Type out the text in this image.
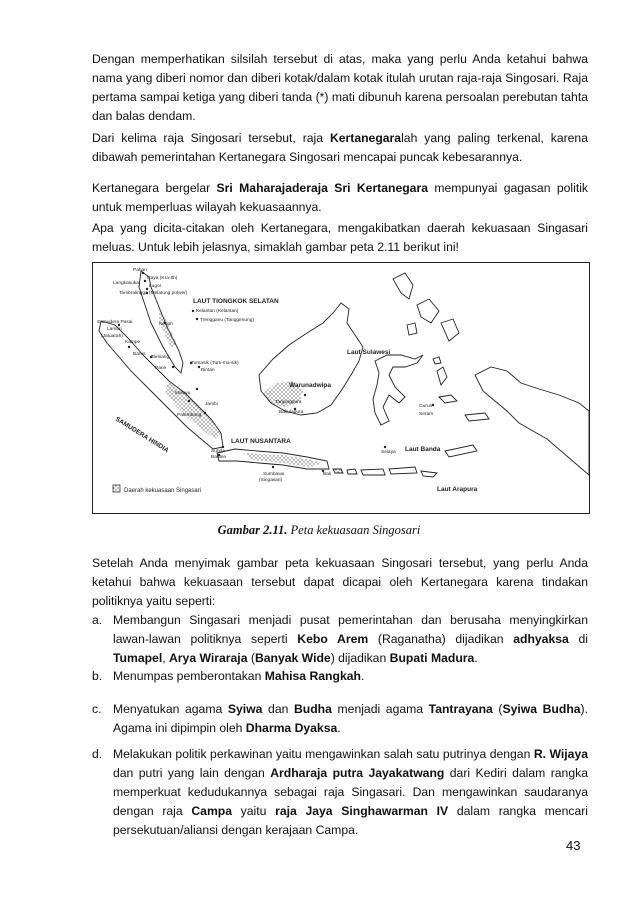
Dengan memperhatikan silsilah tersebut di atas, maka yang perlu Anda ketahui bahwa nama yang diberi nomor dan diberi kotak/dalam kotak itulah urutan raja-raja Singosari. Raja pertama sampai ketiga yang diberi tanda (*) mati dibunuh karena persoalan perebutan tahta dan balas dendam.

Dari kelima raja Singosari tersebut, raja Kertanegaralah yang paling terkenal, karena dibawah pemerintahan Kertanegara Singosari mencapai puncak kebesarannya.

Kertanegara bergelar Sri Maharajaderaja Sri Kertanegara mempunyai gagasan politik untuk memperluas wilayah kekuasaannya.

Apa yang dicita-citakan oleh Kertanegara, mengakibatkan daerah kekuasaan Singasari meluas. Untuk lebih jelasnya, simaklah gambar peta 2.11 berikut ini!

Pahan
Gaya (Kra-Ith)
Langkasuka
Lugor
Tambralingga (Melatung polwer)
Kelantan (Kelantan)
Trengganu (Tanggenung)
Kedah
Samudera Pasai
Lamuri
(Jatuarah)
Kampe
Barus
Tamiang
Pane
Tumasik (Tum-ma-sik)
Bintan
Malayu
Jambi
Palembang
Tanjungpura
Bakulapura
Gurun
Seram
Sunda
Banten
Sumbawa
(Singasari)
Bali
Selaya
LAUT TIONGKOK SELATAN
Laut Sulawesi
Warunadwipa
LAUT NUSANTARA
Laut Banda
Laut Arapura
SAMUDERA HINDIA
Daerah kekuasaan Singasari

Gambar 2.11. Peta kekuasaan Singosari

Setelah Anda menyimak gambar peta kekuasaan Singosari tersebut, yang perlu Anda ketahui bahwa kekuasaan tersebut dapat dicapai oleh Kertanegara karena tindakan politiknya yaitu seperti:

a. Membangun Singasari menjadi pusat pemerintahan dan berusaha menyingkirkan lawan-lawan politiknya seperti Kebo Arem (Raganatha) dijadikan adhyaksa di Tumapel, Arya Wiraraja (Banyak Wide) dijadikan Bupati Madura.
b. Menumpas pemberontakan Mahisa Rangkah.
c. Menyatukan agama Syiwa dan Budha menjadi agama Tantrayana (Syiwa Budha). Agama ini dipimpin oleh Dharma Dyaksa.
d. Melakukan politik perkawinan yaitu mengawinkan salah satu putrinya dengan R. Wijaya dan putri yang lain dengan Ardharaja putra Jayakatwang dari Kediri dalam rangka memperkuat kedudukannya sebagai raja Singasari. Dan mengawinkan saudaranya dengan raja Campa yaitu raja Jaya Singhawarman IV dalam rangka mencari persekutuan/aliansi dengan kerajaan Campa.

43
